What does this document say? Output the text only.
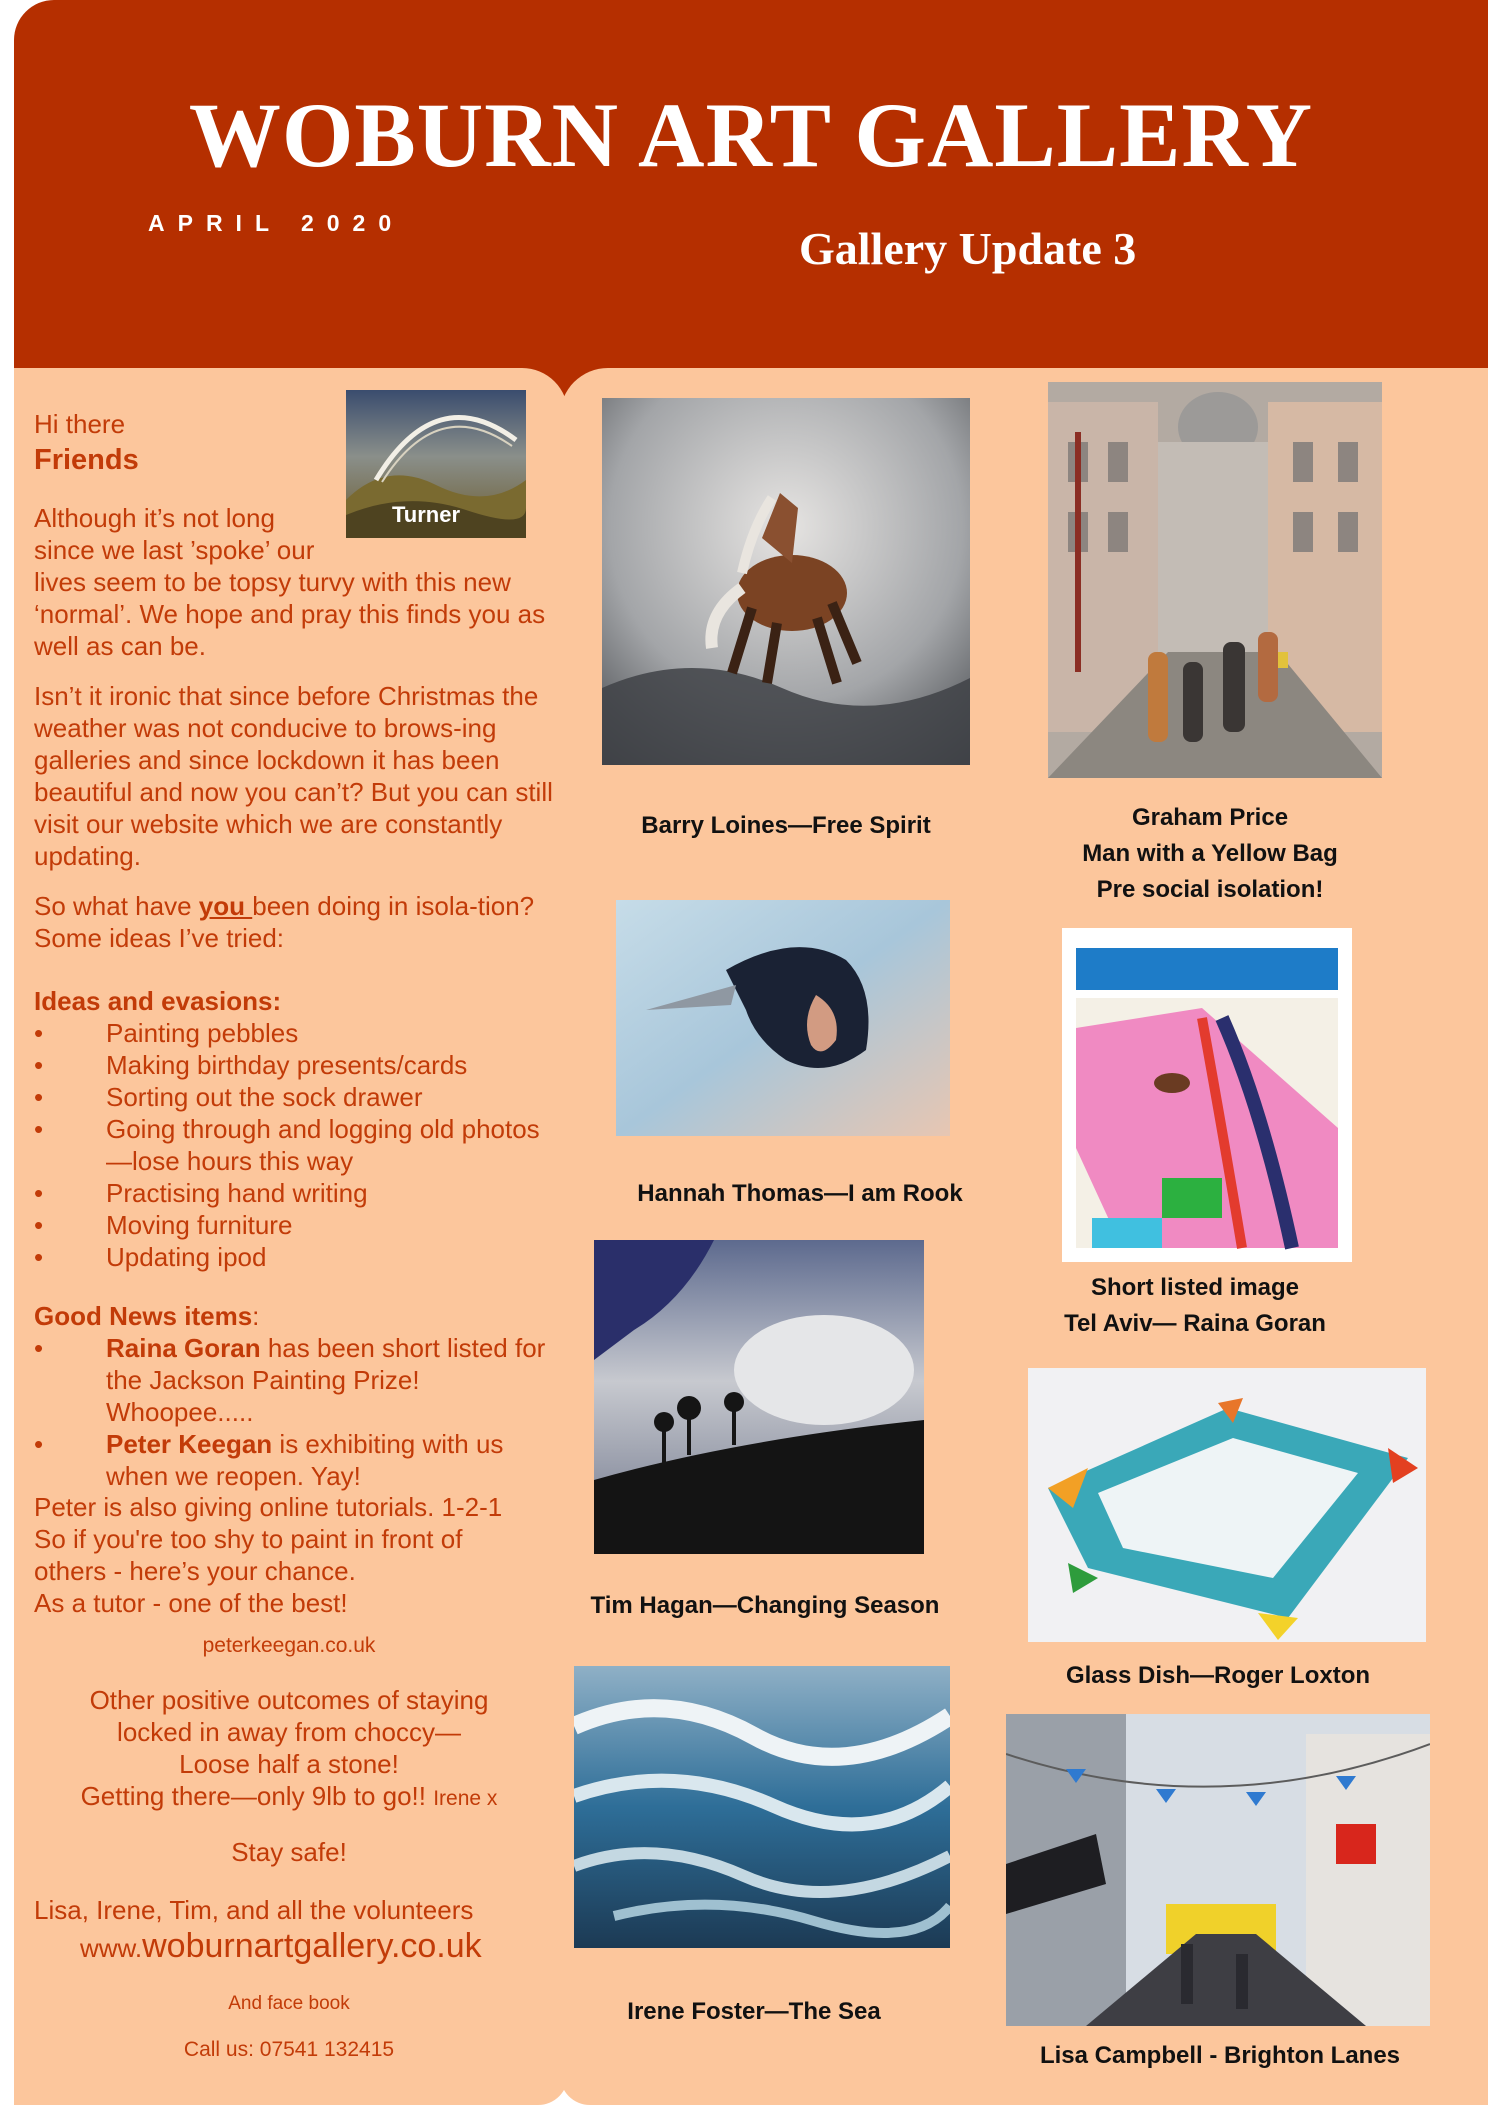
WOBURN ART GALLERY
APRIL 2020	Gallery Update 3
Hi there
Friends
Turner

Although it’s not long

since we last ’spoke’ our

lives seem to be topsy turvy with this new ‘normal’. We hope and pray this finds you as well as can be.

Isn’t it ironic that since before Christmas the weather was not conducive to brows-ing galleries and since lockdown it has been beautiful and now you can’t? But you can still visit our website which we are constantly updating.
So what have you been doing in isola-tion? Some ideas I’ve tried:
Ideas and evasions:
• Painting pebbles
• Making birthday presents/cards
• Sorting out the sock drawer
• Going through and logging old photos—lose hours this way
• Practising hand writing
• Moving furniture
• Updating ipod
Good News items:
• Raina Goran has been short listed for the Jackson Painting Prize! Whoopee.....
• Peter Keegan is exhibiting with us when we reopen. Yay!

Peter is also giving online tutorials. 1-2-1

So if you're too shy to paint in front of

others - here’s your chance.

As a tutor - one of the best!

peterkeegan.co.uk

Other positive outcomes of staying

locked in away from choccy—

Loose half a stone!

Getting there—only 9lb to go!! Irene x

Stay safe!
Lisa, Irene, Tim, and all the volunteers
www.woburnartgallery.co.uk
And face book
Call us: 07541 132415
Barry Loines—Free Spirit	Graham Price
Man with a Yellow Bag
Pre social isolation!
Hannah Thomas—I am Rook
Short listed image
Tel Aviv— Raina Goran
Tim Hagan—Changing Season
Glass Dish—Roger Loxton
Irene Foster—The Sea
Lisa Campbell - Brighton Lanes
